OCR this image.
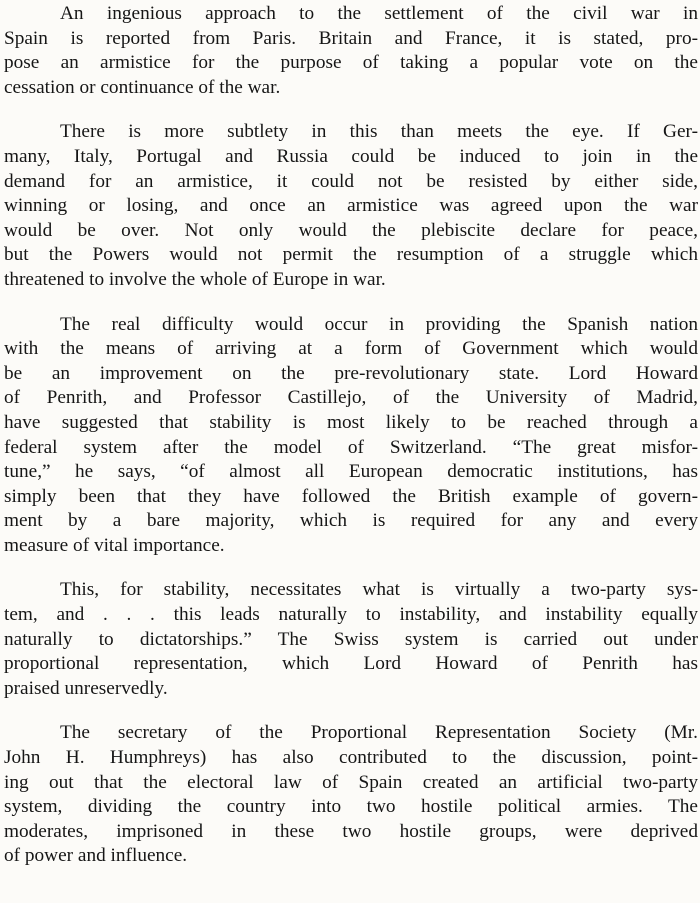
An ingenious approach to the settlement of the civil war in
Spain is reported from Paris. Britain and France, it is stated, pro-
pose an armistice for the purpose of taking a popular vote on the
cessation or continuance of the war.
There is more subtlety in this than meets the eye. If Ger-
many, Italy, Portugal and Russia could be induced to join in the
demand for an armistice, it could not be resisted by either side,
winning or losing, and once an armistice was agreed upon the war
would be over. Not only would the plebiscite declare for peace,
but the Powers would not permit the resumption of a struggle which
threatened to involve the whole of Europe in war.
The real difficulty would occur in providing the Spanish nation
with the means of arriving at a form of Government which would
be an improvement on the pre-revolutionary state. Lord Howard
of Penrith, and Professor Castillejo, of the University of Madrid,
have suggested that stability is most likely to be reached through a
federal system after the model of Switzerland. “The great misfor-
tune,” he says, “of almost all European democratic institutions, has
simply been that they have followed the British example of govern-
ment by a bare majority, which is required for any and every
measure of vital importance.
This, for stability, necessitates what is virtually a two-party sys-
tem, and . . . this leads naturally to instability, and instability equally
naturally to dictatorships.” The Swiss system is carried out under
proportional representation, which Lord Howard of Penrith has
praised unreservedly.
The secretary of the Proportional Representation Society (Mr.
John H. Humphreys) has also contributed to the discussion, point-
ing out that the electoral law of Spain created an artificial two-party
system, dividing the country into two hostile political armies. The
moderates, imprisoned in these two hostile groups, were deprived
of power and influence.
